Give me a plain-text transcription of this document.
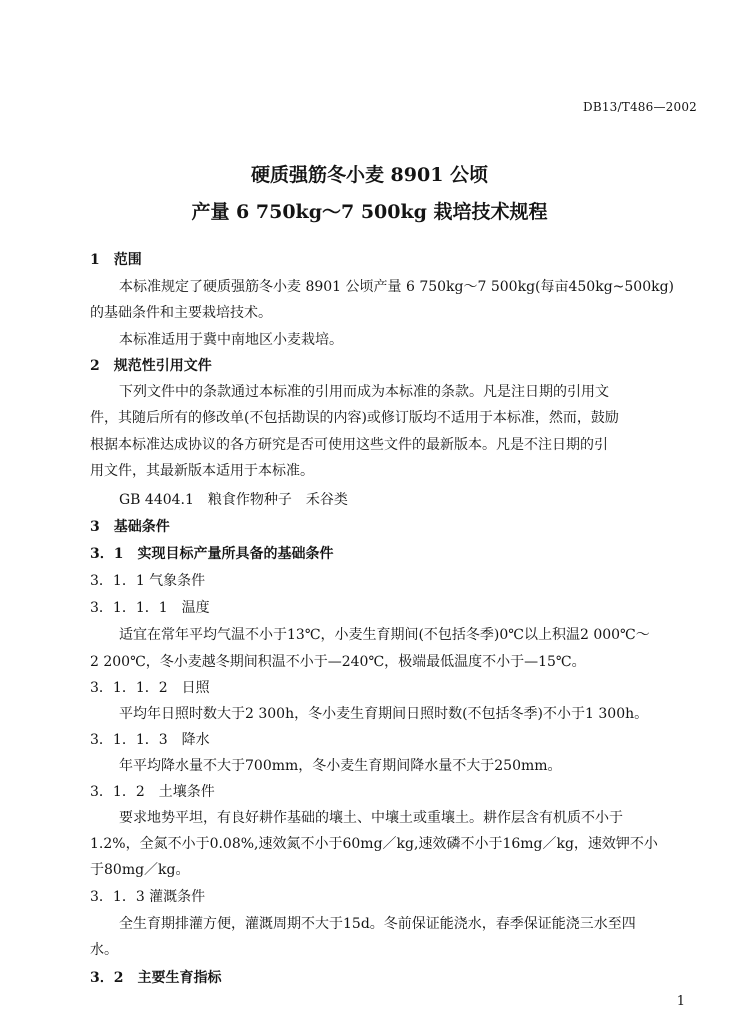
DB13/T486—2002
硬质强筋冬小麦 8901 公顷
产量 6 750kg～7 500kg 栽培技术规程
1　范围
本标准规定了硬质强筋冬小麦 8901 公顷产量 6 750kg～7 500kg(每亩450kg~500kg)
的基础条件和主要栽培技术。
本标准适用于冀中南地区小麦栽培。
2　规范性引用文件
下列文件中的条款通过本标准的引用而成为本标准的条款。凡是注日期的引用文
件，其随后所有的修改单(不包括勘误的内容)或修订版均不适用于本标准，然而，鼓励
根据本标准达成协议的各方研究是否可使用这些文件的最新版本。凡是不注日期的引
用文件，其最新版本适用于本标准。
GB 4404.1　粮食作物种子　禾谷类
3　基础条件
3．1　实现目标产量所具备的基础条件
3．1．1 气象条件
3．1．1．1　温度
适宜在常年平均气温不小于13℃，小麦生育期间(不包括冬季)0℃以上积温2 000℃～
2 200℃，冬小麦越冬期间积温不小于—240℃，极端最低温度不小于—15℃。
3．1．1．2　日照
平均年日照时数大于2 300h，冬小麦生育期间日照时数(不包括冬季)不小于1 300h。
3．1．1．3　降水
年平均降水量不大于700mm，冬小麦生育期间降水量不大于250mm。
3．1．2　土壤条件
要求地势平坦，有良好耕作基础的壤土、中壤土或重壤土。耕作层含有机质不小于
1.2%，全氮不小于0.08%,速效氮不小于60mg／kg,速效磷不小于16mg／kg，速效钾不小
于80mg／kg。
3．1．3 灌溉条件
全生育期排灌方便，灌溉周期不大于15d。冬前保证能浇水，春季保证能浇三水至四
水。
3．2　主要生育指标
1
